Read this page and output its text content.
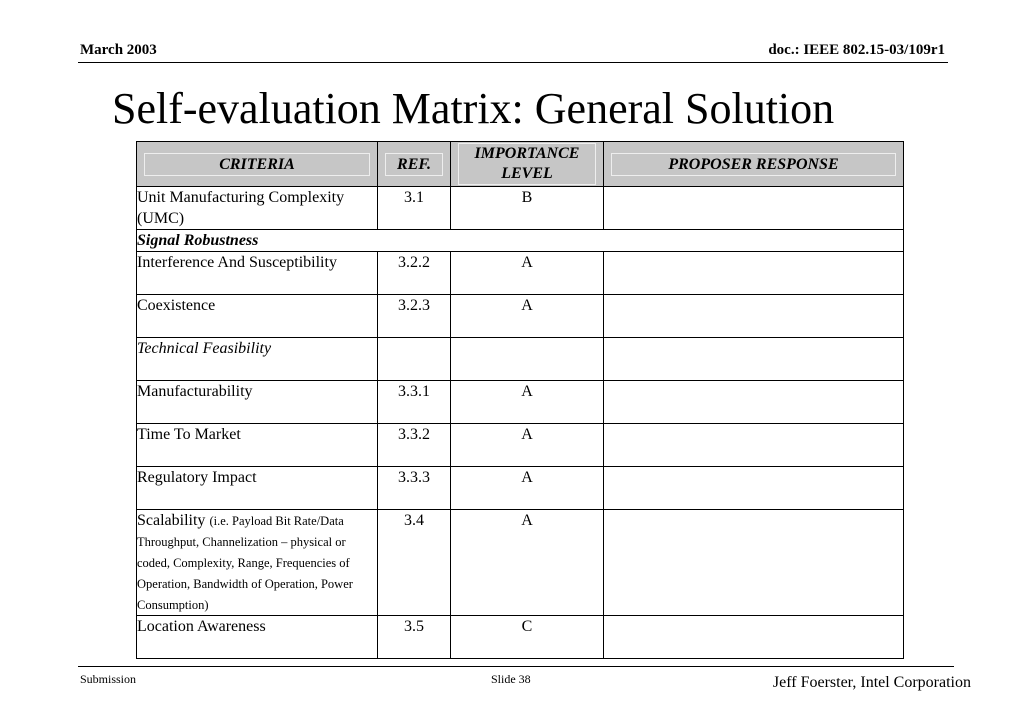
March 2003	doc.: IEEE 802.15-03/109r1
Self-evaluation Matrix: General Solution
CRITERIA	REF.	IMPORTANCE LEVEL	PROPOSER RESPONSE

Unit Manufacturing Complexity (UMC)	3.1	B	
Signal Robustness			
Interference And Susceptibility	3.2.2	A	
Coexistence	3.2.3	A	
Technical Feasibility			
Manufacturability	3.3.1	A	
Time To Market	3.3.2	A	
Regulatory Impact	3.3.3	A	
Scalability (i.e. Payload Bit Rate/Data Throughput, Channelization – physical or coded, Complexity, Range, Frequencies of Operation, Bandwidth of Operation, Power Consumption)	3.4	A	
Location Awareness	3.5	C	
Submission	Slide 38	Jeff Foerster, Intel Corporation
